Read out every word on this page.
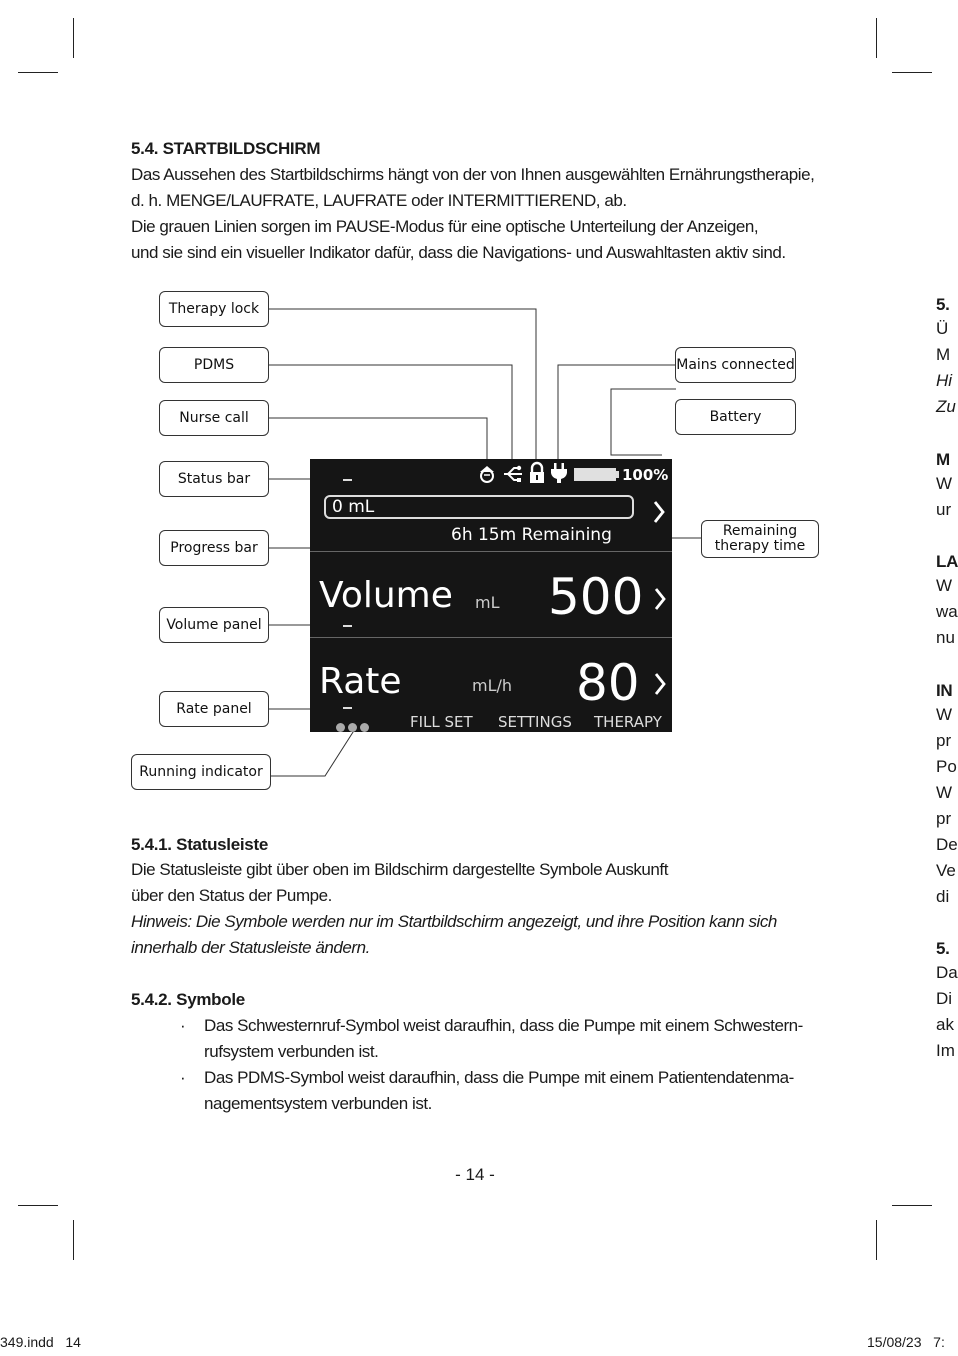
5.4. STARTBILDSCHIRM
Das Aussehen des Startbildschirms hängt von der von Ihnen ausgewählten Ernährungstherapie,
d. h. MENGE/LAUFRATE, LAUFRATE oder INTERMITTIEREND, ab.
Die grauen Linien sorgen im PAUSE-Modus für eine optische Unterteilung der Anzeigen,
und sie sind ein visueller Indikator dafür, dass die Navigations- und Auswahltasten aktiv sind.
Therapy lock
PDMS
Nurse call
Status bar
Progress bar
Volume panel
Rate panel
Running indicator
Mains connected
Battery
Remaining
therapy time
100%
0 mL
6h 15m Remaining
Volume mL 500
Rate	mL/h 80
FILL SET SETTINGS THERAPY
5.4.1. Statusleiste
Die Statusleiste gibt über oben im Bildschirm dargestellte Symbole Auskunft
über den Status der Pumpe.
Hinweis: Die Symbole werden nur im Startbildschirm angezeigt, und ihre Position kann sich
innerhalb der Statusleiste ändern.
5.4.2. Symbole
· Das Schwesternruf-Symbol weist daraufhin, dass die Pumpe mit einem Schwestern-
rufsystem verbunden ist.
· Das PDMS-Symbol weist daraufhin, dass die Pumpe mit einem Patientendatenma-
nagementsystem verbunden ist.
- 14 -
349.indd   14	15/08/23   7:
5.
Ü
M
Hi
Zu
M
W
ur
LA
W
wa
nu
IN
W
pr
Po
W
pr
De
Ve
di
5.
Da
Di
ak
Im
